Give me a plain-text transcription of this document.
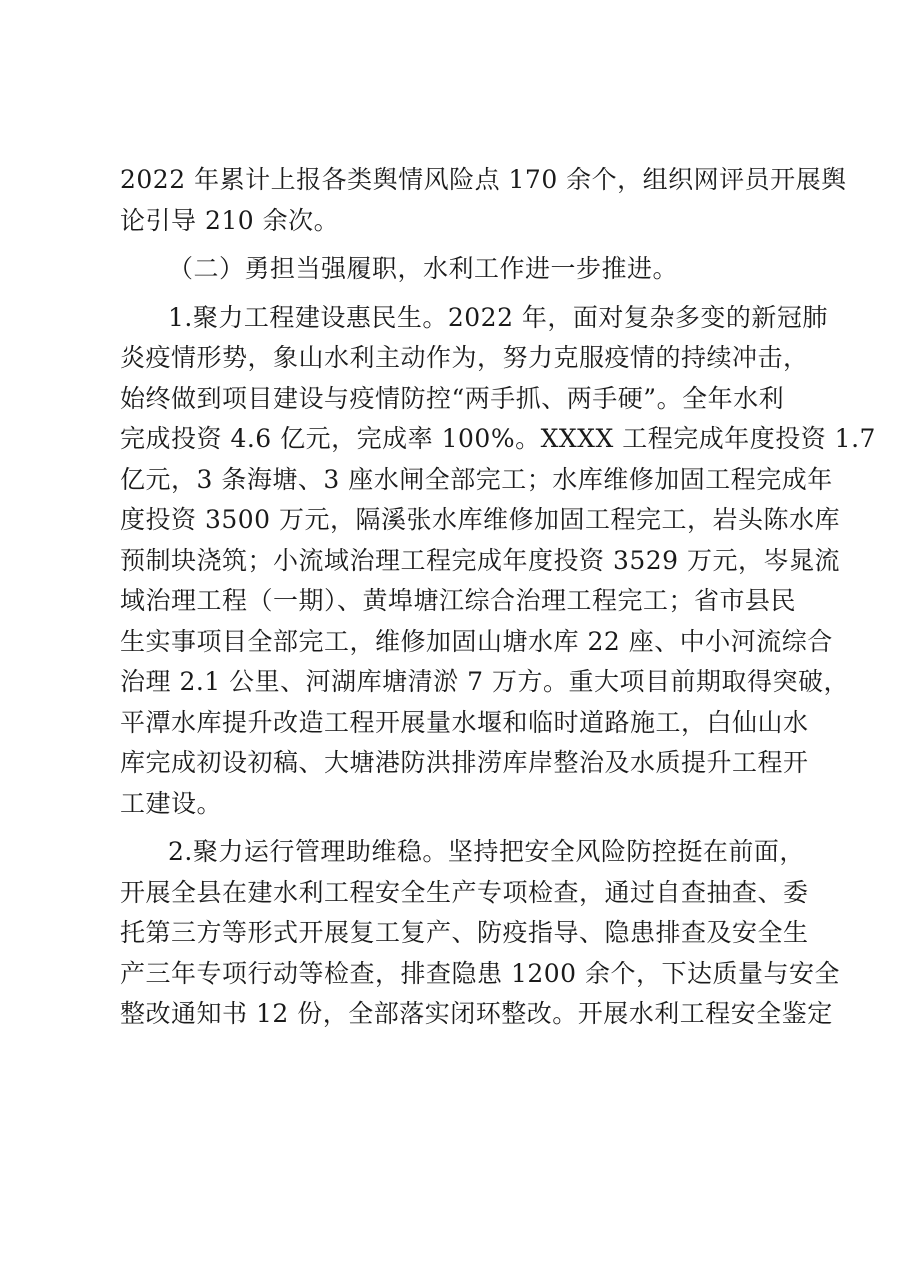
2022 年累计上报各类舆情风险点 170 余个，组织网评员开展舆
论引导 210 余次。
（二）勇担当强履职，水利工作进一步推进。
1.聚力工程建设惠民生。2022 年，面对复杂多变的新冠肺
炎疫情形势，象山水利主动作为，努力克服疫情的持续冲击，
始终做到项目建设与疫情防控“两手抓、两手硬”。全年水利
完成投资 4.6 亿元，完成率 100%。XXXX 工程完成年度投资 1.7
亿元，3 条海塘、3 座水闸全部完工；水库维修加固工程完成年
度投资 3500 万元，隔溪张水库维修加固工程完工，岩头陈水库
预制块浇筑；小流域治理工程完成年度投资 3529 万元，岑晁流
域治理工程（一期）、黄埠塘江综合治理工程完工；省市县民
生实事项目全部完工，维修加固山塘水库 22 座、中小河流综合
治理 2.1 公里、河湖库塘清淤 7 万方。重大项目前期取得突破，
平潭水库提升改造工程开展量水堰和临时道路施工，白仙山水
库完成初设初稿、大塘港防洪排涝库岸整治及水质提升工程开
工建设。
2.聚力运行管理助维稳。坚持把安全风险防控挺在前面，
开展全县在建水利工程安全生产专项检查，通过自查抽查、委
托第三方等形式开展复工复产、防疫指导、隐患排查及安全生
产三年专项行动等检查，排查隐患 1200 余个，下达质量与安全
整改通知书 12 份，全部落实闭环整改。开展水利工程安全鉴定
